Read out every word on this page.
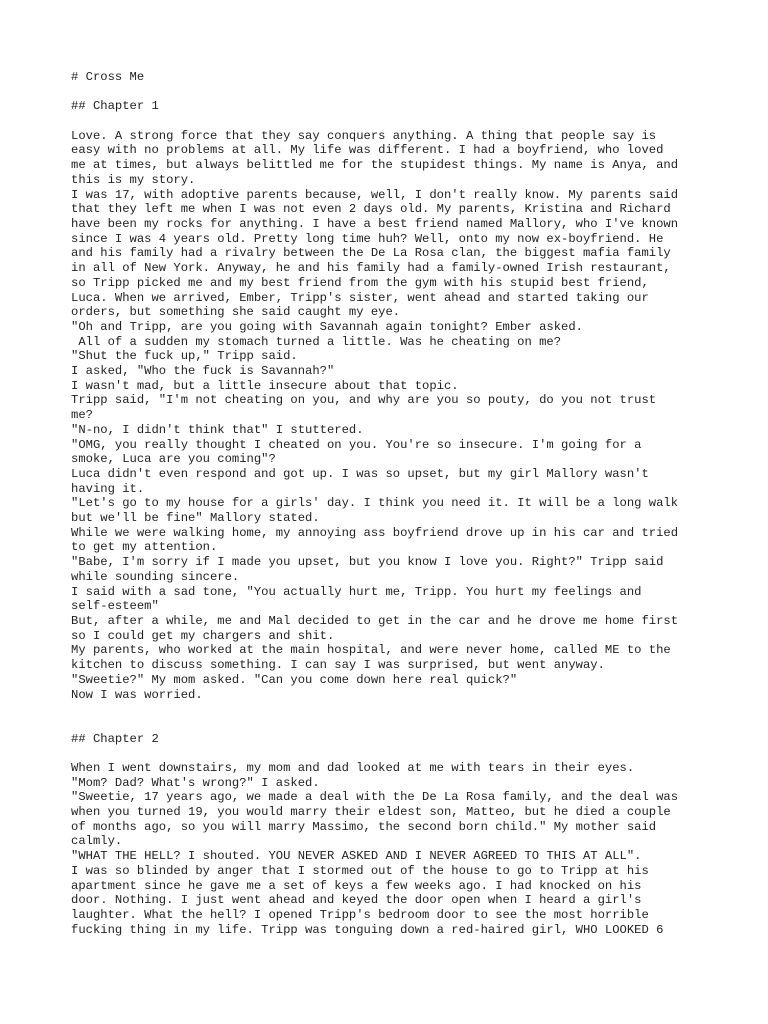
# Cross Me
## Chapter 1
Love. A strong force that they say conquers anything. A thing that people say is
easy with no problems at all. My life was different. I had a boyfriend, who loved
me at times, but always belittled me for the stupidest things. My name is Anya, and
this is my story.
I was 17, with adoptive parents because, well, I don't really know. My parents said
that they left me when I was not even 2 days old. My parents, Kristina and Richard
have been my rocks for anything. I have a best friend named Mallory, who I've known
since I was 4 years old. Pretty long time huh? Well, onto my now ex-boyfriend. He
and his family had a rivalry between the De La Rosa clan, the biggest mafia family
in all of New York. Anyway, he and his family had a family-owned Irish restaurant,
so Tripp picked me and my best friend from the gym with his stupid best friend,
Luca. When we arrived, Ember, Tripp's sister, went ahead and started taking our
orders, but something she said caught my eye.
"Oh and Tripp, are you going with Savannah again tonight? Ember asked.
All of a sudden my stomach turned a little. Was he cheating on me?
"Shut the fuck up," Tripp said.
I asked, "Who the fuck is Savannah?"
I wasn't mad, but a little insecure about that topic.
Tripp said, "I'm not cheating on you, and why are you so pouty, do you not trust
me?
"N-no, I didn't think that" I stuttered.
"OMG, you really thought I cheated on you. You're so insecure. I'm going for a
smoke, Luca are you coming"?
Luca didn't even respond and got up. I was so upset, but my girl Mallory wasn't
having it.
"Let's go to my house for a girls' day. I think you need it. It will be a long walk
but we'll be fine" Mallory stated.
While we were walking home, my annoying ass boyfriend drove up in his car and tried
to get my attention.
"Babe, I'm sorry if I made you upset, but you know I love you. Right?" Tripp said
while sounding sincere.
I said with a sad tone, "You actually hurt me, Tripp. You hurt my feelings and
self-esteem"
But, after a while, me and Mal decided to get in the car and he drove me home first
so I could get my chargers and shit.
My parents, who worked at the main hospital, and were never home, called ME to the
kitchen to discuss something. I can say I was surprised, but went anyway.
"Sweetie?" My mom asked. "Can you come down here real quick?"
Now I was worried.
## Chapter 2
When I went downstairs, my mom and dad looked at me with tears in their eyes.
"Mom? Dad? What's wrong?" I asked.
"Sweetie, 17 years ago, we made a deal with the De La Rosa family, and the deal was
when you turned 19, you would marry their eldest son, Matteo, but he died a couple
of months ago, so you will marry Massimo, the second born child." My mother said
calmly.
"WHAT THE HELL? I shouted. YOU NEVER ASKED AND I NEVER AGREED TO THIS AT ALL".
I was so blinded by anger that I stormed out of the house to go to Tripp at his
apartment since he gave me a set of keys a few weeks ago. I had knocked on his
door. Nothing. I just went ahead and keyed the door open when I heard a girl's
laughter. What the hell? I opened Tripp's bedroom door to see the most horrible
fucking thing in my life. Tripp was tonguing down a red-haired girl, WHO LOOKED 6
